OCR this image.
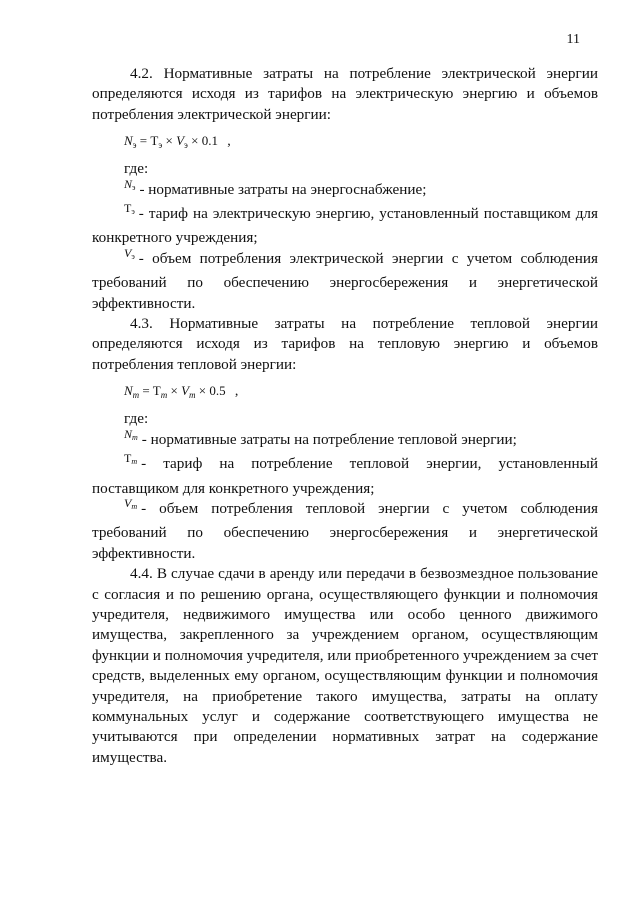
11

4.2. Нормативные затраты на потребление электрической энергии определяются исходя из тарифов на электрическую энергию и объемов потребления электрической энергии:

$N_э = T_э \times V_э \times 0.1$ ,

где:

$^{N_э}$ - нормативные затраты на энергоснабжение;

$^{T_э}$ - тариф на электрическую энергию, установленный поставщиком для конкретного учреждения;

$^{V_э}$ - объем потребления электрической энергии с учетом соблюдения требований по обеспечению энергосбережения и энергетической эффективности.

4.3. Нормативные затраты на потребление тепловой энергии определяются исходя из тарифов на тепловую энергию и объемов потребления тепловой энергии:

$N_m = T_m \times V_m \times 0.5$ ,

где:

$^{N_m}$ - нормативные затраты на потребление тепловой энергии;

$^{T_m}$ - тариф на потребление тепловой энергии, установленный поставщиком для конкретного учреждения;

$^{V_m}$ - объем потребления тепловой энергии с учетом соблюдения требований по обеспечению энергосбережения и энергетической эффективности.

4.4. В случае сдачи в аренду или передачи в безвозмездное пользование с согласия и по решению органа, осуществляющего функции и полномочия учредителя, недвижимого имущества или особо ценного движимого имущества, закрепленного за учреждением органом, осуществляющим функции и полномочия учредителя, или приобретенного учреждением за счет средств, выделенных ему органом, осуществляющим функции и полномочия учредителя, на приобретение такого имущества, затраты на оплату коммунальных услуг и содержание соответствующего имущества не учитываются при определении нормативных затрат на содержание имущества.
